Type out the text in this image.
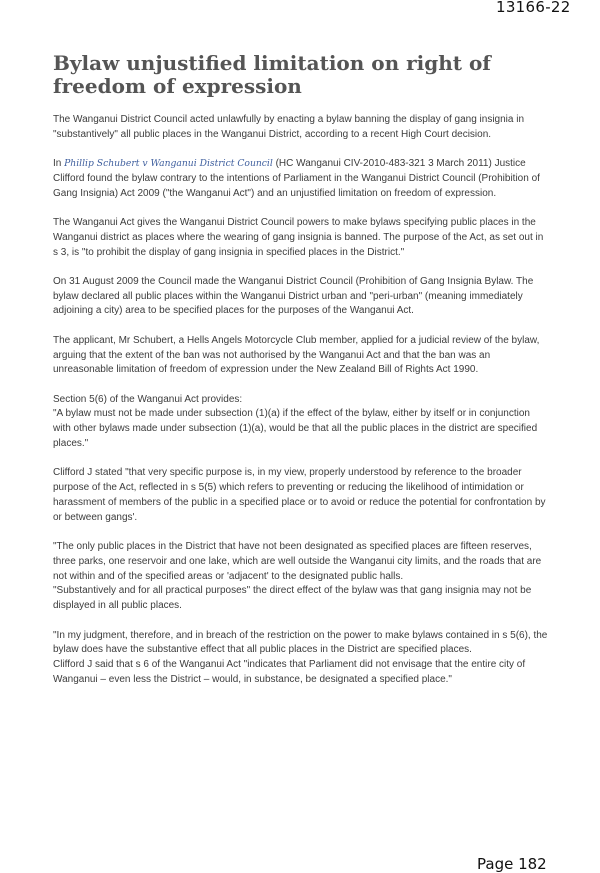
13166-22
Bylaw unjustified limitation on right of freedom of expression

The Wanganui District Council acted unlawfully by enacting a bylaw banning the display of gang insignia in "substantively" all public places in the Wanganui District, according to a recent High Court decision.

In Phillip Schubert v Wanganui District Council (HC Wanganui CIV-2010-483-321 3 March 2011) Justice Clifford found the bylaw contrary to the intentions of Parliament in the Wanganui District Council (Prohibition of Gang Insignia) Act 2009 ("the Wanganui Act") and an unjustified limitation on freedom of expression.

The Wanganui Act gives the Wanganui District Council powers to make bylaws specifying public places in the Wanganui district as places where the wearing of gang insignia is banned. The purpose of the Act, as set out in s 3, is "to prohibit the display of gang insignia in specified places in the District."

On 31 August 2009 the Council made the Wanganui District Council (Prohibition of Gang Insignia Bylaw. The bylaw declared all public places within the Wanganui District urban and "peri-urban" (meaning immediately adjoining a city) area to be specified places for the purposes of the Wanganui Act.

The applicant, Mr Schubert, a Hells Angels Motorcycle Club member, applied for a judicial review of the bylaw, arguing that the extent of the ban was not authorised by the Wanganui Act and that the ban was an unreasonable limitation of freedom of expression under the New Zealand Bill of Rights Act 1990.

Section 5(6) of the Wanganui Act provides:

"A bylaw must not be made under subsection (1)(a) if the effect of the bylaw, either by itself or in conjunction with other bylaws made under subsection (1)(a), would be that all the public places in the district are specified places."

Clifford J stated "that very specific purpose is, in my view, properly understood by reference to the broader purpose of the Act, reflected in s 5(5) which refers to preventing or reducing the likelihood of intimidation or harassment of members of the public in a specified place or to avoid or reduce the potential for confrontation by or between gangs'.

"The only public places in the District that have not been designated as specified places are fifteen reserves, three parks, one reservoir and one lake, which are well outside the Wanganui city limits, and the roads that are not within and of the specified areas or 'adjacent' to the designated public halls.

"Substantively and for all practical purposes" the direct effect of the bylaw was that gang insignia may not be displayed in all public places.

"In my judgment, therefore, and in breach of the restriction on the power to make bylaws contained in s 5(6), the bylaw does have the substantive effect that all public places in the District are specified places.

Clifford J said that s 6 of the Wanganui Act "indicates that Parliament did not envisage that the entire city of Wanganui – even less the District – would, in substance, be designated a specified place."

Page 182
